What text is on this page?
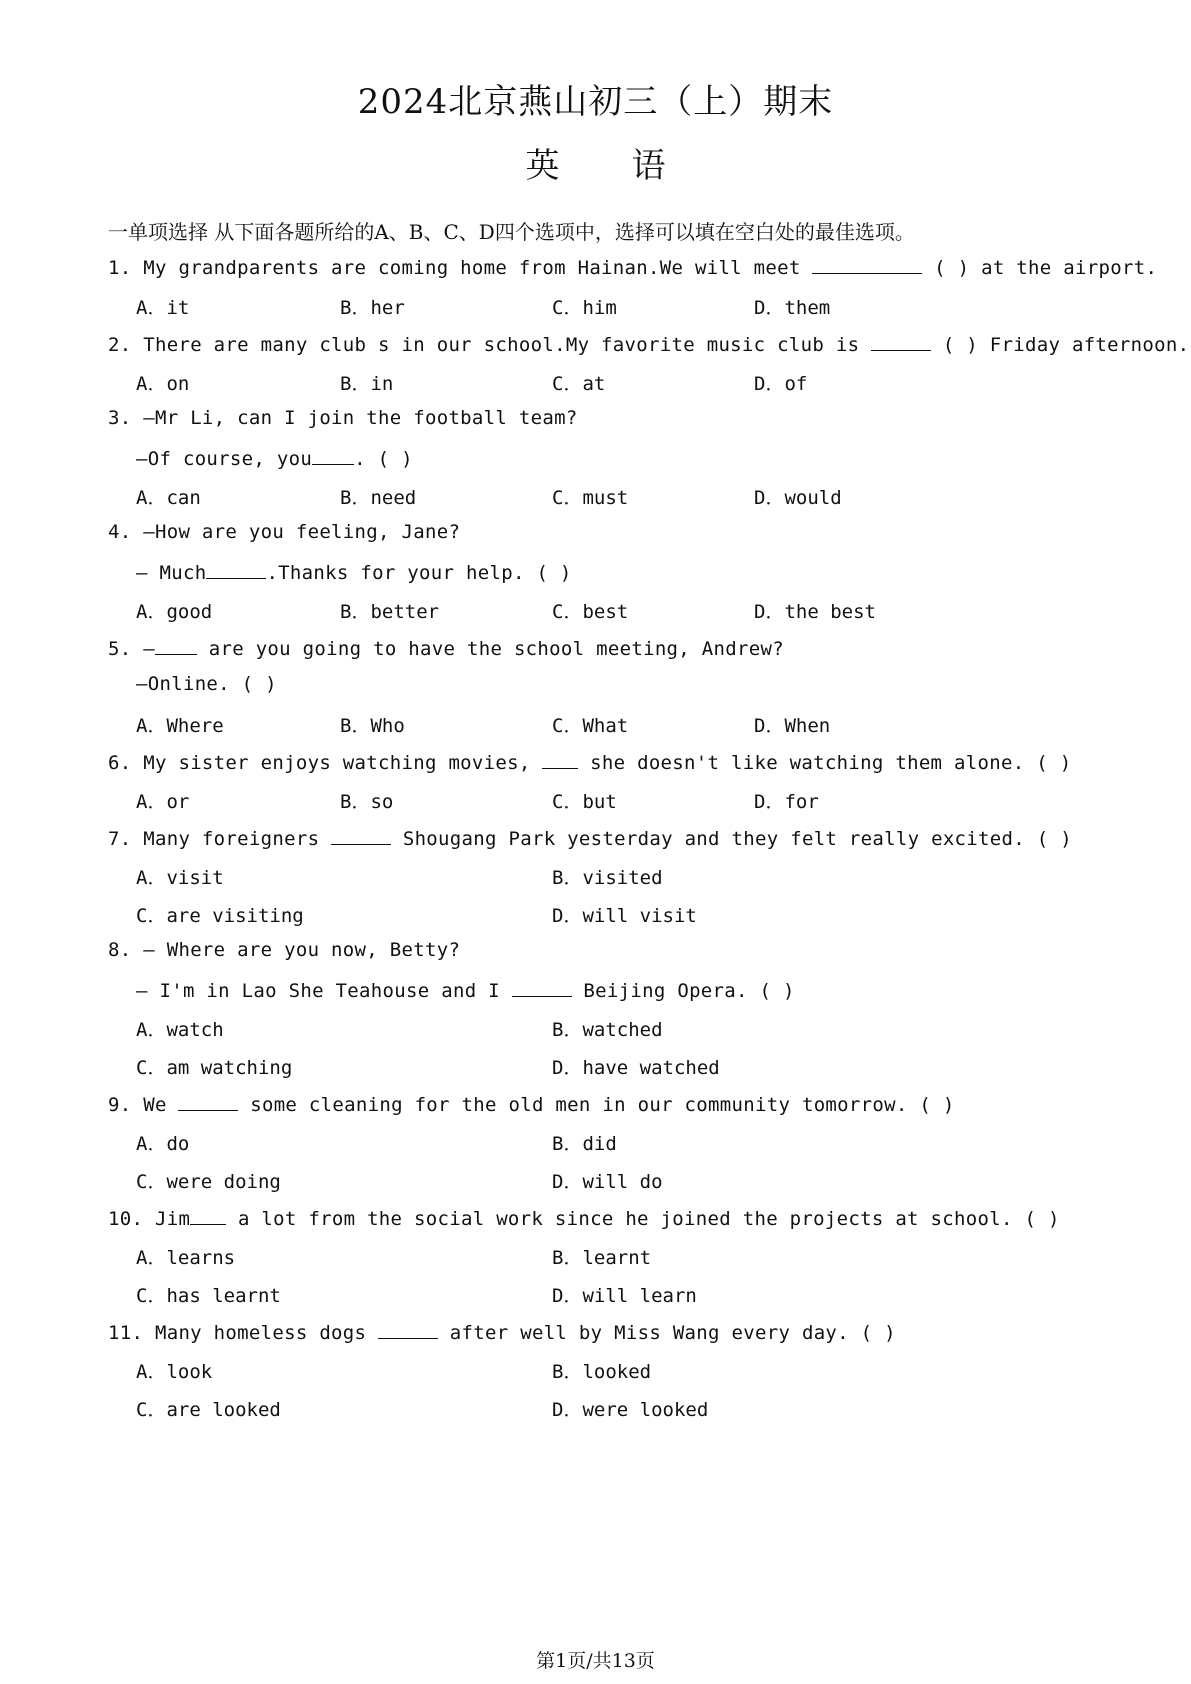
2024北京燕山初三（上）期末
英语
一单项选择 从下面各题所给的A、B、C、D四个选项中，选择可以填在空白处的最佳选项。
1. My grandparents are coming home from Hainan.We will meet	( ) at the airport.
A．it	B．her	C．him	D．them
2. There are many club s in our school.My favorite music club is	( ) Friday afternoon.
A．on	B．in	C．at	D．of
3. —Mr Li, can I join the football team?
—Of course, you . ( )
A．can	B．need	C．must	D．would
4. —How are you feeling, Jane?
— Much	.Thanks for your help. ( )
A．good	B．better	C．best	D．the best
5. —	are you going to have the school meeting, Andrew?
—Online. ( )
A．Where	B．Who	C．What	D．When
6. My sister enjoys watching movies,	she doesn't like watching them alone. ( )
A．or	B．so	C．but	D．for
7. Many foreigners	Shougang Park yesterday and they felt really excited. ( )
A．visit	B．visited
C．are visiting	D．will visit
8. — Where are you now, Betty?
— I'm in Lao She Teahouse and I	Beijing Opera. ( )
A．watch	B．watched
C．am watching	D．have watched
9. We	some cleaning for the old men in our community tomorrow. ( )
A．do	B．did
C．were doing	D．will do
10. Jim	a lot from the social work since he joined the projects at school. ( )
A．learns	B．learnt
C．has learnt	D．will learn
11. Many homeless dogs	after well by Miss Wang every day. ( )
A．look	B．looked
C．are looked	D．were looked
第1页/共13页
